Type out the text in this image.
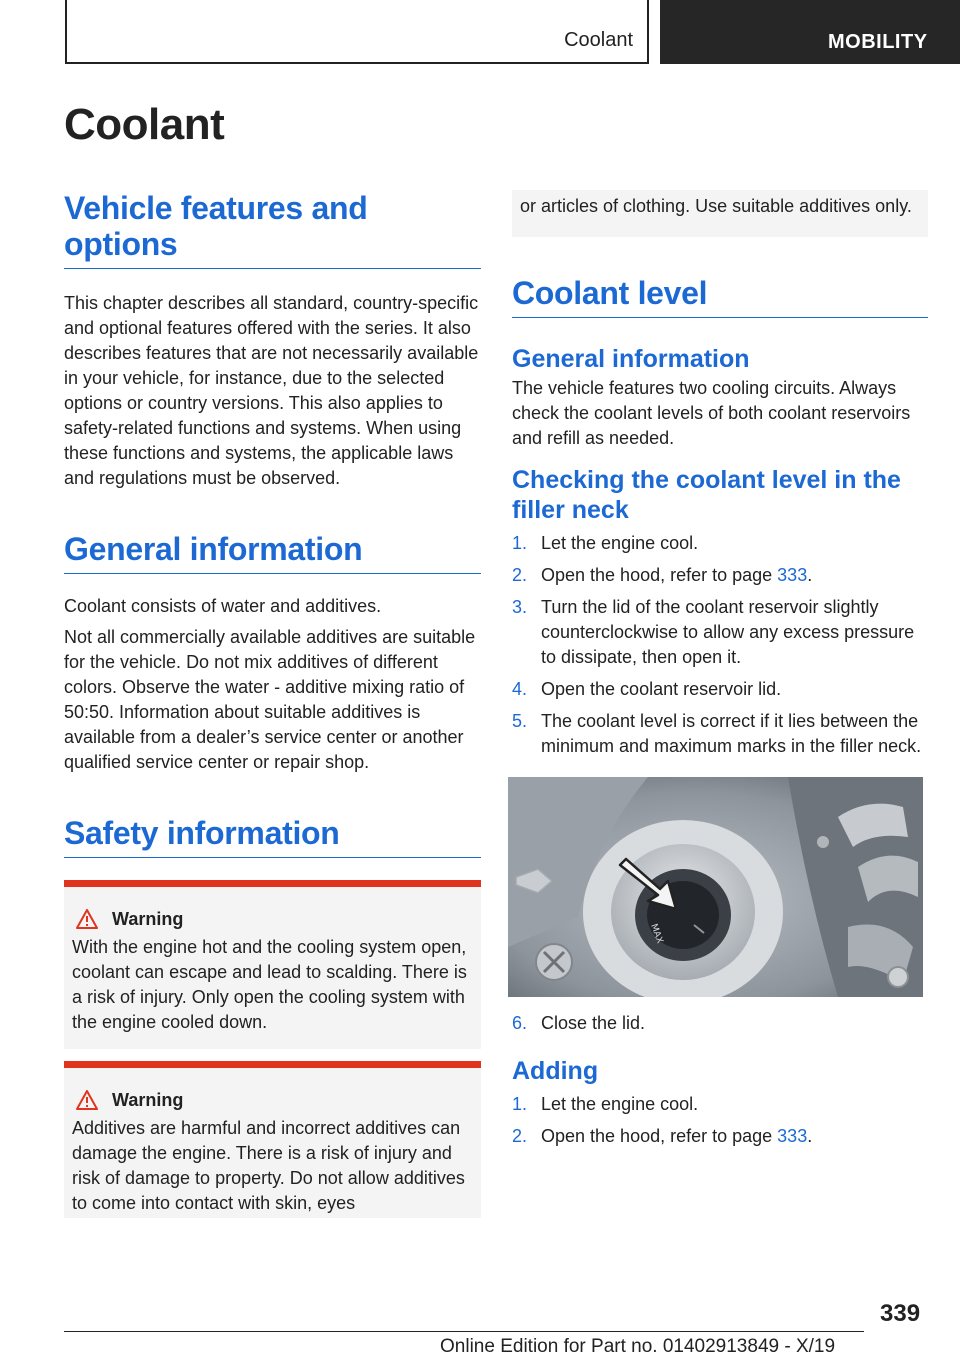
Coolant	MOBILITY
Coolant
Vehicle features and options

This chapter describes all standard, country-specific and optional features offered with the series. It also describes features that are not necessarily available in your vehicle, for instance, due to the selected options or country versions. This also applies to safety-related functions and systems. When using these functions and systems, the applicable laws and regulations must be observed.

General information

Coolant consists of water and additives.

Not all commercially available additives are suitable for the vehicle. Do not mix additives of different colors. Observe the water - additive mixing ratio of 50:50. Information about suitable additives is available from a dealer’s service center or another qualified service center or repair shop.

Safety information
Warning

With the engine hot and the cooling system open, coolant can escape and lead to scalding. There is a risk of injury. Only open the cooling system with the engine cooled down.

Warning

Additives are harmful and incorrect additives can damage the engine. There is a risk of injury and risk of damage to property. Do not allow additives to come into contact with skin, eyes

or articles of clothing. Use suitable additives only.

Coolant level
General information

The vehicle features two cooling circuits. Always check the coolant levels of both coolant reservoirs and refill as needed.

Checking the coolant level in the filler neck
1. Let the engine cool.
2. Open the hood, refer to page 333.
3. Turn the lid of the coolant reservoir slightly counterclockwise to allow any excess pressure to dissipate, then open it.
4. Open the coolant reservoir lid.
5. The coolant level is correct if it lies between the minimum and maximum marks in the filler neck.
MAX
6. Close the lid.
Adding
1. Let the engine cool.
2. Open the hood, refer to page 333.
339
Online Edition for Part no. 01402913849 - X/19
